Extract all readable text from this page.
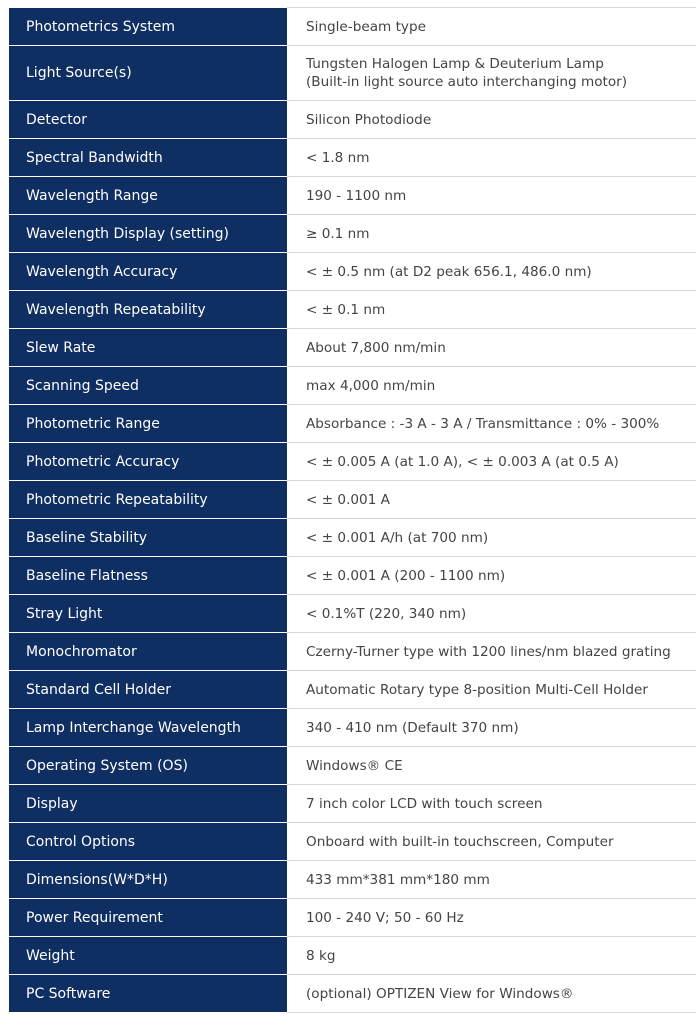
Photometrics System	Single-beam type

Light Source(s)	Tungsten Halogen Lamp & Deuterium Lamp
(Built-in light source auto interchanging motor)

Detector	Silicon Photodiode

Spectral Bandwidth	< 1.8 nm

Wavelength Range	190 - 1100 nm

Wavelength Display (setting)	≥ 0.1 nm

Wavelength Accuracy	< ± 0.5 nm (at D2 peak 656.1, 486.0 nm)

Wavelength Repeatability	< ± 0.1 nm

Slew Rate	About 7,800 nm/min

Scanning Speed	max 4,000 nm/min

Photometric Range	Absorbance : -3 A - 3 A / Transmittance : 0% - 300%

Photometric Accuracy	< ± 0.005 A (at 1.0 A), < ± 0.003 A (at 0.5 A)

Photometric Repeatability	< ± 0.001 A

Baseline Stability	< ± 0.001 A/h (at 700 nm)

Baseline Flatness	< ± 0.001 A (200 - 1100 nm)

Stray Light	< 0.1%T (220, 340 nm)

Monochromator	Czerny-Turner type with 1200 lines/nm blazed grating

Standard Cell Holder	Automatic Rotary type 8-position Multi-Cell Holder

Lamp Interchange Wavelength	340 - 410 nm (Default 370 nm)

Operating System (OS)	Windows® CE

Display	7 inch color LCD with touch screen

Control Options	Onboard with built-in touchscreen, Computer

Dimensions(W*D*H)	433 mm*381 mm*180 mm

Power Requirement	100 - 240 V; 50 - 60 Hz

Weight	8 kg

PC Software	(optional) OPTIZEN View for Windows®
